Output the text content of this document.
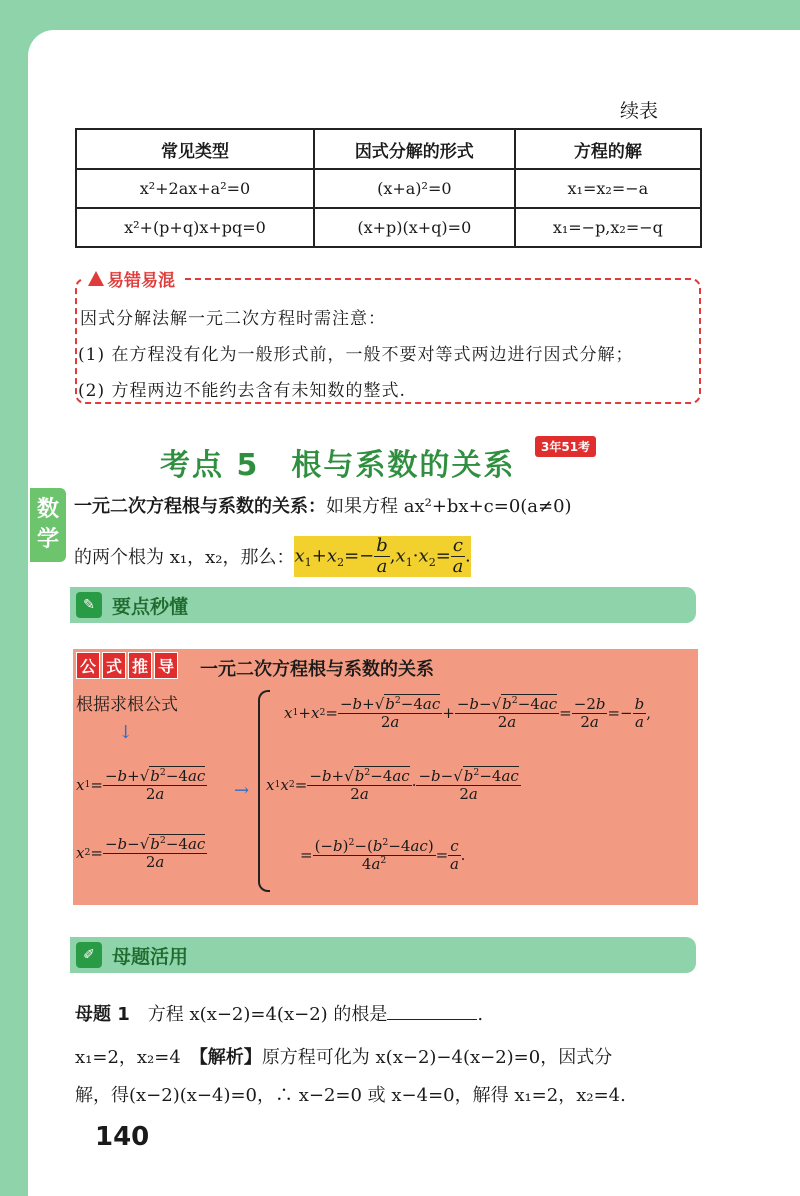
续表
常见类型	因式分解的形式	方程的解
x²+2ax+a²=0	(x+a)²=0	x₁=x₂=−a
x²+(p+q)x+pq=0	(x+p)(x+q)=0	x₁=−p,x₂=−q
易错易混
因式分解法解一元二次方程时需注意：
(1) 在方程没有化为一般形式前，一般不要对等式两边进行因式分解；
(2) 方程两边不能约去含有未知数的整式.
考点 5　根与系数的关系
3年51考
数
学
一元二次方程根与系数的关系：如果方程 ax²+bx+c=0(a≠0)
的两个根为 x₁，x₂，那么： $x_1+x_2=- \frac{b}{a} ,x_1\cdot x_2= \frac{c}{a}$ .
✎ 要点秒懂
公 式 推 导 一元二次方程根与系数的关系
根据求根公式
↓
x $1 = \frac{-b+√b^2-4ac}{2a}$
x $2 = \frac{-b-√b^2-4ac}{2a}$
→
x 1 + x $2 = \frac{-b+√b^2-4ac}{2a} + \frac{-b-√b^2-4ac}{2a} = \frac{-2b}{2a} =- \frac{b}{a}$ ,
x 1 x $2 = \frac{-b+√b^2-4ac}{2a} \cdot \frac{-b-√b^2-4ac}{2a}$
= $\frac{(-b)^2-(b^2-4ac)}{4a^2} = \frac{c}{a}$ .
✐ 母题活用
母题 1　 方程 x(x−2)=4(x−2) 的根是	.
x₁=2，x₂=4　 【解析】原方程可化为 x(x−2)−4(x−2)=0，因式分
解，得(x−2)(x−4)=0，∴ x−2=0 或 x−4=0，解得 x₁=2，x₂=4.
140
